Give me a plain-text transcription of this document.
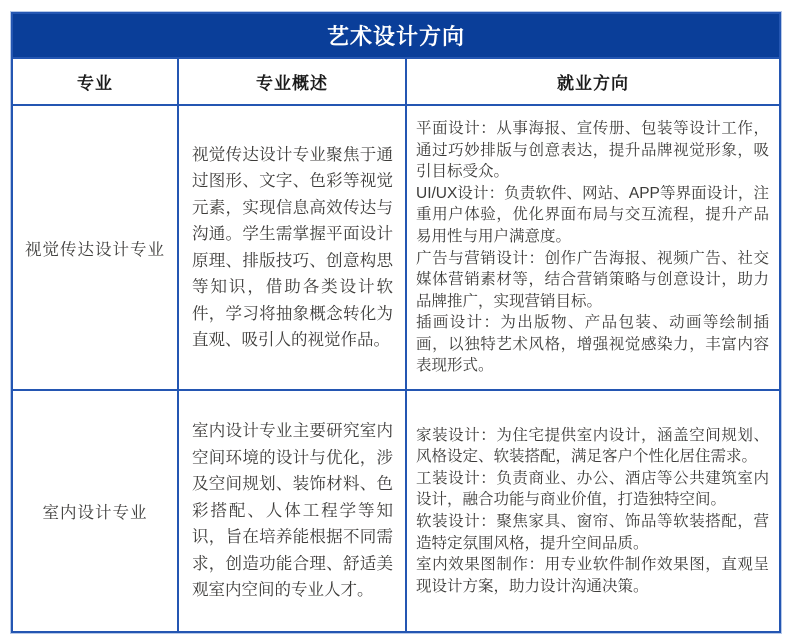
艺术设计方向
专业	专业概述	就业方向
视觉传达设计专业
视觉传达设计专业聚焦于通过图形、文字、色彩等视觉元素，实现信息高效传达与沟通。学生需掌握平面设计原理、排版技巧、创意构思等知识，借助各类设计软件，学习将抽象概念转化为直观、吸引人的视觉作品。

平面设计：从事海报、宣传册、包装等设计工作，通过巧妙排版与创意表达，提升品牌视觉形象，吸引目标受众。

UI/UX设计：负责软件、网站、APP等界面设计，注重用户体验，优化界面布局与交互流程，提升产品易用性与用户满意度。

广告与营销设计：创作广告海报、视频广告、社交媒体营销素材等，结合营销策略与创意设计，助力品牌推广，实现营销目标。

插画设计：为出版物、产品包装、动画等绘制插画，以独特艺术风格，增强视觉感染力，丰富内容表现形式。

室内设计专业
室内设计专业主要研究室内空间环境的设计与优化，涉及空间规划、装饰材料、色彩搭配、人体工程学等知识，旨在培养能根据不同需求，创造功能合理、舒适美观室内空间的专业人才。

家装设计：为住宅提供室内设计，涵盖空间规划、风格设定、软装搭配，满足客户个性化居住需求。

工装设计：负责商业、办公、酒店等公共建筑室内设计，融合功能与商业价值，打造独特空间。

软装设计：聚焦家具、窗帘、饰品等软装搭配，营造特定氛围风格，提升空间品质。

室内效果图制作：用专业软件制作效果图，直观呈现设计方案，助力设计沟通决策。
